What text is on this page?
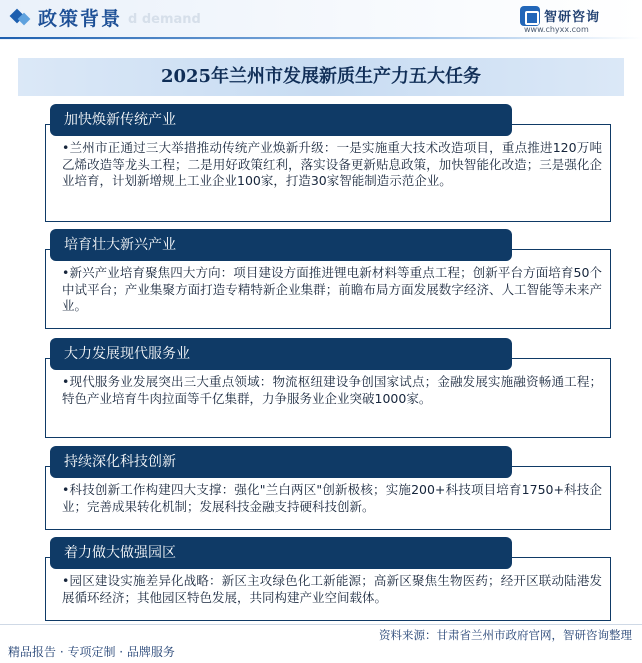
政策背景 d demand	智研咨询
www.chyxx.com
2025年兰州市发展新质生产力五大任务

•兰州市正通过三大举措推动传统产业焕新升级：一是实施重大技术改造项目，重点推进120万吨乙烯改造等龙头工程；二是用好政策红利，落实设备更新贴息政策，加快智能化改造；三是强化企业培育，计划新增规上工业企业100家，打造30家智能制造示范企业。

加快焕新传统产业

•新兴产业培育聚焦四大方向：项目建设方面推进锂电新材料等重点工程；创新平台方面培育50个中试平台；产业集聚方面打造专精特新企业集群；前瞻布局方面发展数字经济、人工智能等未来产业。

培育壮大新兴产业

•现代服务业发展突出三大重点领域：物流枢纽建设争创国家试点；金融发展实施融资畅通工程；特色产业培育牛肉拉面等千亿集群，力争服务业企业突破1000家。

大力发展现代服务业

•科技创新工作构建四大支撑：强化"兰白两区"创新极核；实施200+科技项目培育1750+科技企业；完善成果转化机制；发展科技金融支持硬科技创新。

持续深化科技创新

•园区建设实施差异化战略：新区主攻绿色化工新能源；高新区聚焦生物医药；经开区联动陆港发展循环经济；其他园区特色发展，共同构建产业空间载体。

着力做大做强园区
资料来源：甘肃省兰州市政府官网，智研咨询整理
精品报告 · 专项定制 · 品牌服务
